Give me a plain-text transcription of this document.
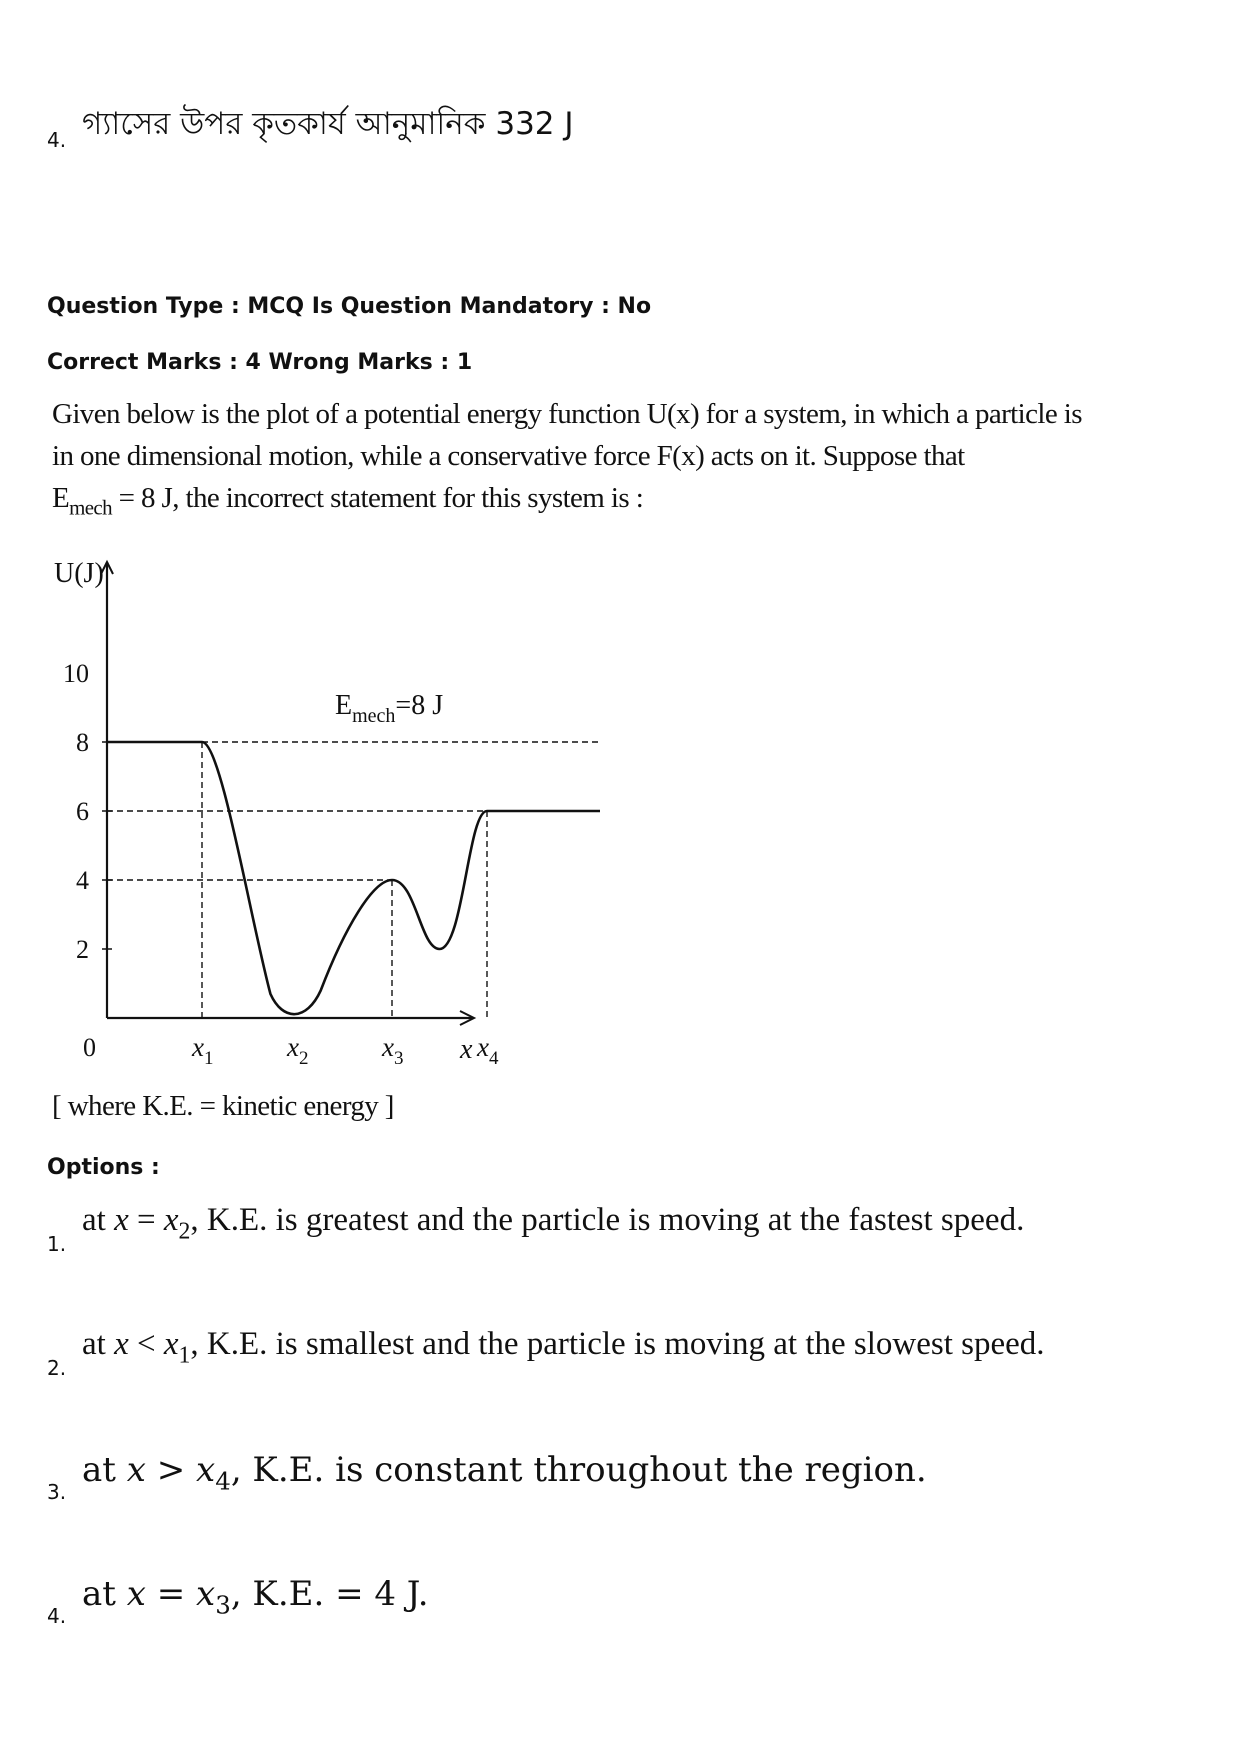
4. গ্যাসের উপর কৃতকার্য আনুমানিক 332 J
Question Type : MCQ Is Question Mandatory : No
Correct Marks : 4 Wrong Marks : 1
Given below is the plot of a potential energy function U(x) for a system, in which a particle is
in one dimensional motion, while a conservative force F(x) acts on it. Suppose that
$E_{mech} = 8$ J, the incorrect statement for this system is :
U(J)
10
8
6
4
2
0	x
$x_1$	$x_2$	$x_3$	$x_4$
$E_{mech}=8$ J
[ where K.E. = kinetic energy ]
Options :
1.
at $x = x_2$, K.E. is greatest and the particle is moving at the fastest speed.
2.
at $x < x_1$, K.E. is smallest and the particle is moving at the slowest speed.
3.
at $x > x_4$, K.E. is constant throughout the region.
4.
at $x = x_3$, K.E. = 4 J.
